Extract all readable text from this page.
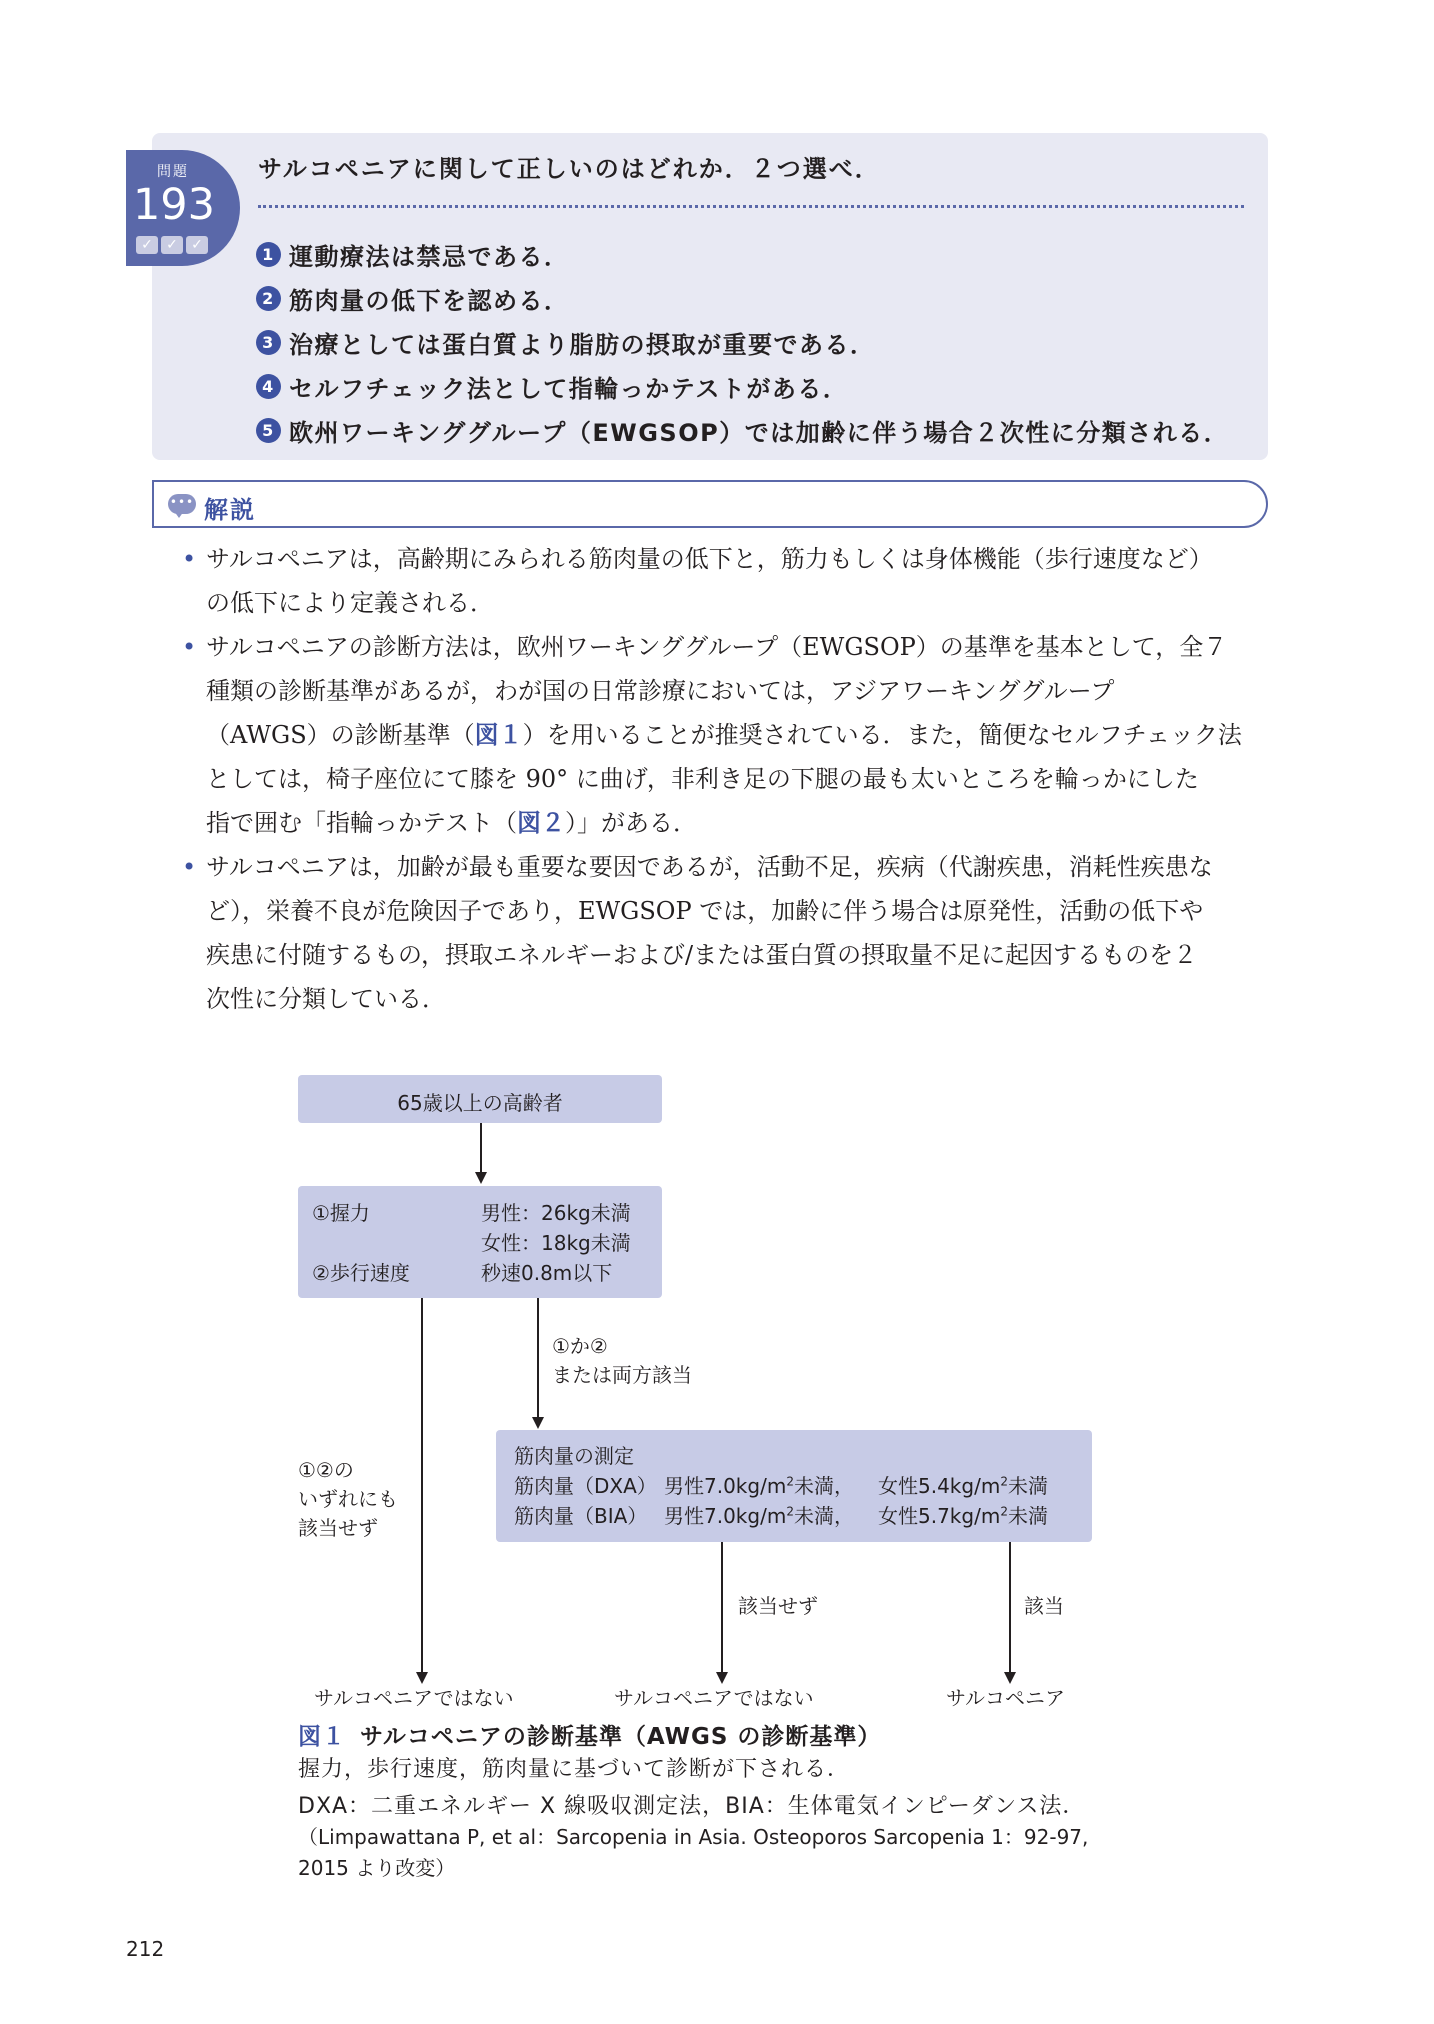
問題
193
✓ ✓ ✓
サルコペニアに関して正しいのはどれか．２つ選べ．
1 運動療法は禁忌である．
2 筋肉量の低下を認める．
3 治療としては蛋白質より脂肪の摂取が重要である．
4 セルフチェック法として指輪っかテストがある．
5 欧州ワーキンググループ（EWGSOP）では加齢に伴う場合２次性に分類される．
••• 解説
• サルコペニアは，高齢期にみられる筋肉量の低下と，筋力もしくは身体機能（歩行速度など）
の低下により定義される．
• サルコペニアの診断方法は，欧州ワーキンググループ（EWGSOP）の基準を基本として，全７
種類の診断基準があるが，わが国の日常診療においては，アジアワーキンググループ
（AWGS）の診断基準（図１）を用いることが推奨されている．また，簡便なセルフチェック法
としては，椅子座位にて膝を 90° に曲げ，非利き足の下腿の最も太いところを輪っかにした
指で囲む「指輪っかテスト（図２）」がある．
• サルコペニアは，加齢が最も重要な要因であるが，活動不足，疾病（代謝疾患，消耗性疾患な
ど），栄養不良が危険因子であり，EWGSOP では，加齢に伴う場合は原発性，活動の低下や
疾患に付随するもの，摂取エネルギーおよび/または蛋白質の摂取量不足に起因するものを２
次性に分類している．
65歳以上の高齢者
①握力	男性：26kg未満
女性：18kg未満
②歩行速度	秒速0.8m以下
①か②
または両方該当
①②の
いずれにも
該当せず
筋肉量の測定
筋肉量（DXA） 男性$7.0kg/m^2$未満， 女性$5.4kg/m^2$未満
筋肉量（BIA） 男性$7.0kg/m^2$未満， 女性$5.7kg/m^2$未満
該当せず	該当
サルコペニアではない	サルコペニアではない	サルコペニア
図１ サルコペニアの診断基準（AWGS の診断基準）
握力，歩行速度，筋肉量に基づいて診断が下される．
DXA：二重エネルギー X 線吸収測定法，BIA：生体電気インピーダンス法．
（Limpawattana P, et al：Sarcopenia in Asia. Osteoporos Sarcopenia 1：92-97, 2015 より改変）
212
